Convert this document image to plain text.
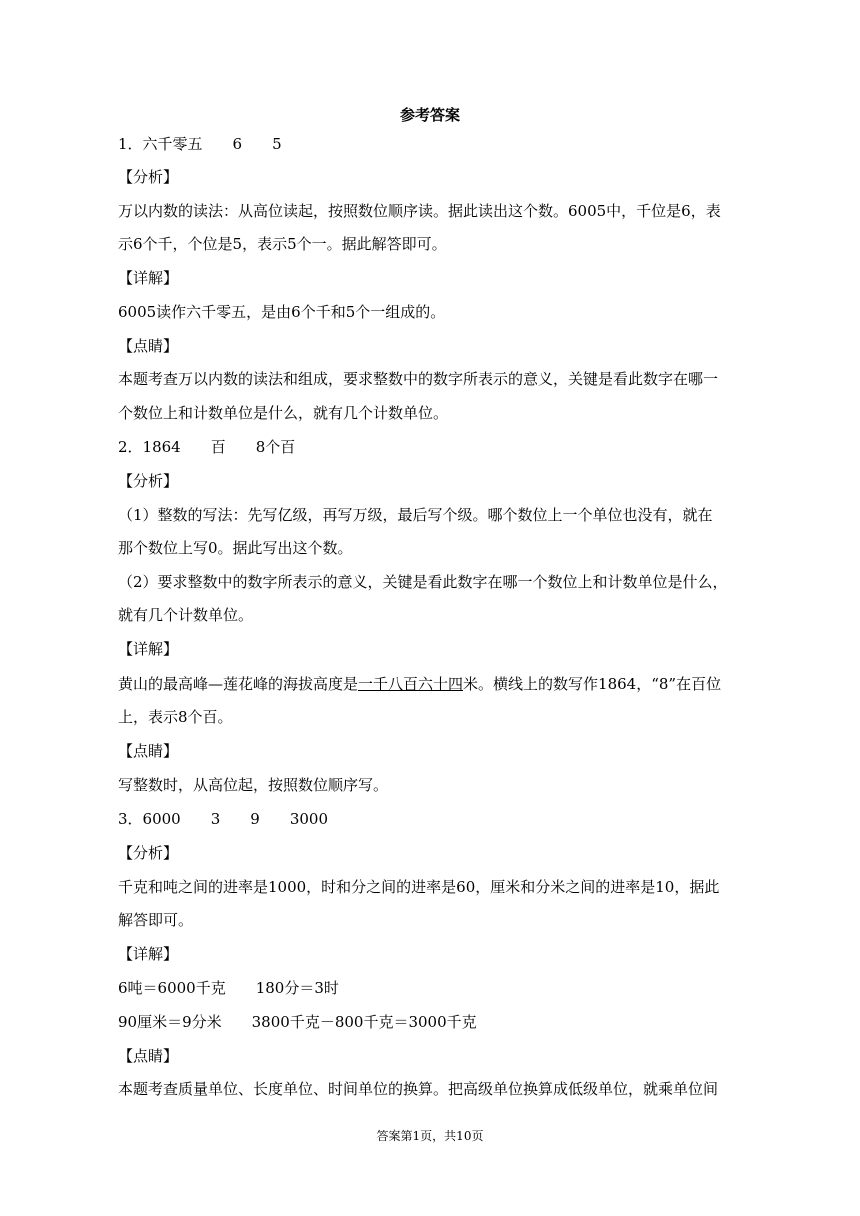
参考答案
1．六千零五 6 5
【分析】
万以内数的读法：从高位读起，按照数位顺序读。据此读出这个数。6005中，千位是6，表
示6个千，个位是5，表示5个一。据此解答即可。
【详解】
6005读作六千零五，是由6个千和5个一组成的。
【点睛】
本题考查万以内数的读法和组成，要求整数中的数字所表示的意义，关键是看此数字在哪一
个数位上和计数单位是什么，就有几个计数单位。
2．1864 百 8个百
【分析】
（1）整数的写法：先写亿级，再写万级，最后写个级。哪个数位上一个单位也没有，就在
那个数位上写0。据此写出这个数。
（2）要求整数中的数字所表示的意义，关键是看此数字在哪一个数位上和计数单位是什么，
就有几个计数单位。
【详解】
黄山的最高峰—莲花峰的海拔高度是一千八百六十四米。横线上的数写作1864，“8”在百位
上，表示8个百。
【点睛】
写整数时，从高位起，按照数位顺序写。
3．6000 3 9 3000
【分析】
千克和吨之间的进率是1000，时和分之间的进率是60，厘米和分米之间的进率是10，据此
解答即可。
【详解】
6吨＝6000千克 180分＝3时
90厘米＝9分米 3800千克－800千克＝3000千克
【点睛】
本题考查质量单位、长度单位、时间单位的换算。把高级单位换算成低级单位，就乘单位间
答案第1页，共10页
